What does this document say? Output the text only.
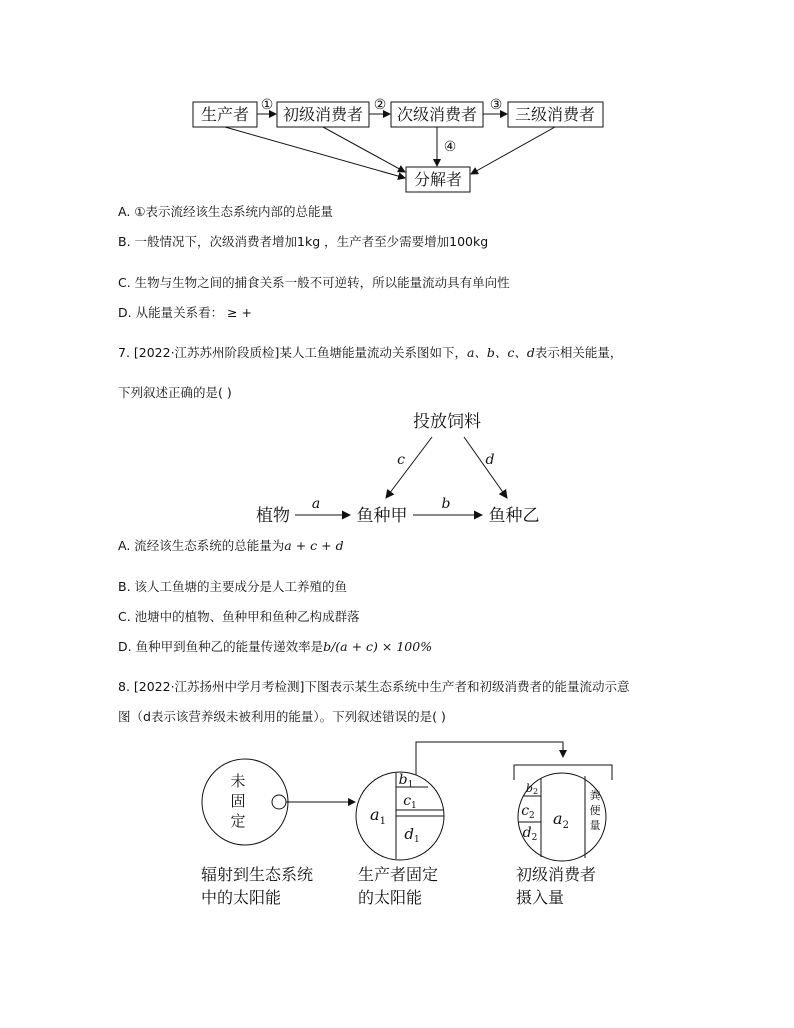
生产者 初级消费者 次级消费者 三级消费者
分解者
①	②	③
④
A. ①表示流经该生态系统内部的总能量
B. 一般情况下，次级消费者增加1kg ，生产者至少需要增加100kg
C. 生物与生物之间的捕食关系一般不可逆转，所以能量流动具有单向性
D. 从能量关系看： ≥ +
7. [2022·江苏苏州阶段质检]某人工鱼塘能量流动关系图如下，a、b、c、d表示相关能量，
下列叙述正确的是( )
投放饲料
植物	鱼种甲	鱼种乙
a	b
c	d
A. 流经该生态系统的总能量为a + c + d
B. 该人工鱼塘的主要成分是人工养殖的鱼
C. 池塘中的植物、鱼种甲和鱼种乙构成群落
D. 鱼种甲到鱼种乙的能量传递效率是b/(a + c) × 100%
8. [2022·江苏扬州中学月考检测]下图表示某生态系统中生产者和初级消费者的能量流动示意
图（d表示该营养级未被利用的能量）。下列叙述错误的是( )
未
固
定	$a_1$
$b_1$
$c_1$
$d_1$
b2
$c_2$
$d_2$
$a_2$
粪
便
量
辐射到生态系统
中的太阳能
生产者固定
的太阳能
初级消费者
摄入量
